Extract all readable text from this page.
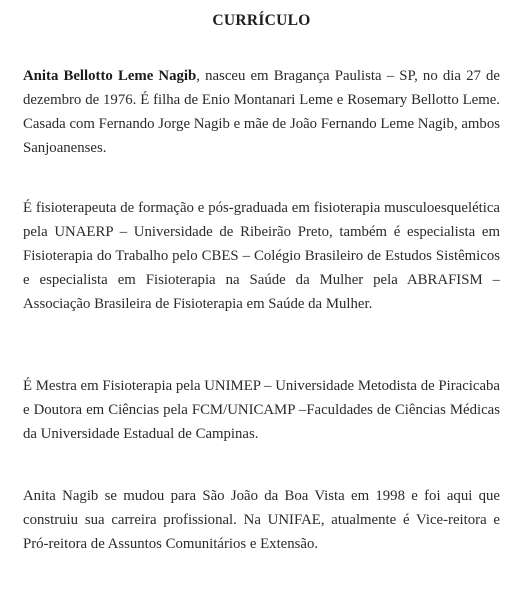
CURRÍCULO

Anita Bellotto Leme Nagib, nasceu em Bragança Paulista – SP, no dia 27 de dezembro de 1976. É filha de Enio Montanari Leme e Rosemary Bellotto Leme. Casada com Fernando Jorge Nagib e mãe de João Fernando Leme Nagib, ambos Sanjoanenses.

É fisioterapeuta de formação e pós-graduada em fisioterapia musculoesquelética pela UNAERP – Universidade de Ribeirão Preto, também é especialista em Fisioterapia do Trabalho pelo CBES – Colégio Brasileiro de Estudos Sistêmicos e especialista em Fisioterapia na Saúde da Mulher pela ABRAFISM – Associação Brasileira de Fisioterapia em Saúde da Mulher.

É Mestra em Fisioterapia pela UNIMEP – Universidade Metodista de Piracicaba e Doutora em Ciências pela FCM/UNICAMP –Faculdades de Ciências Médicas da Universidade Estadual de Campinas.

Anita Nagib se mudou para São João da Boa Vista em 1998 e foi aqui que construiu sua carreira profissional. Na UNIFAE, atualmente é Vice-reitora e Pró-reitora de Assuntos Comunitários e Extensão.
